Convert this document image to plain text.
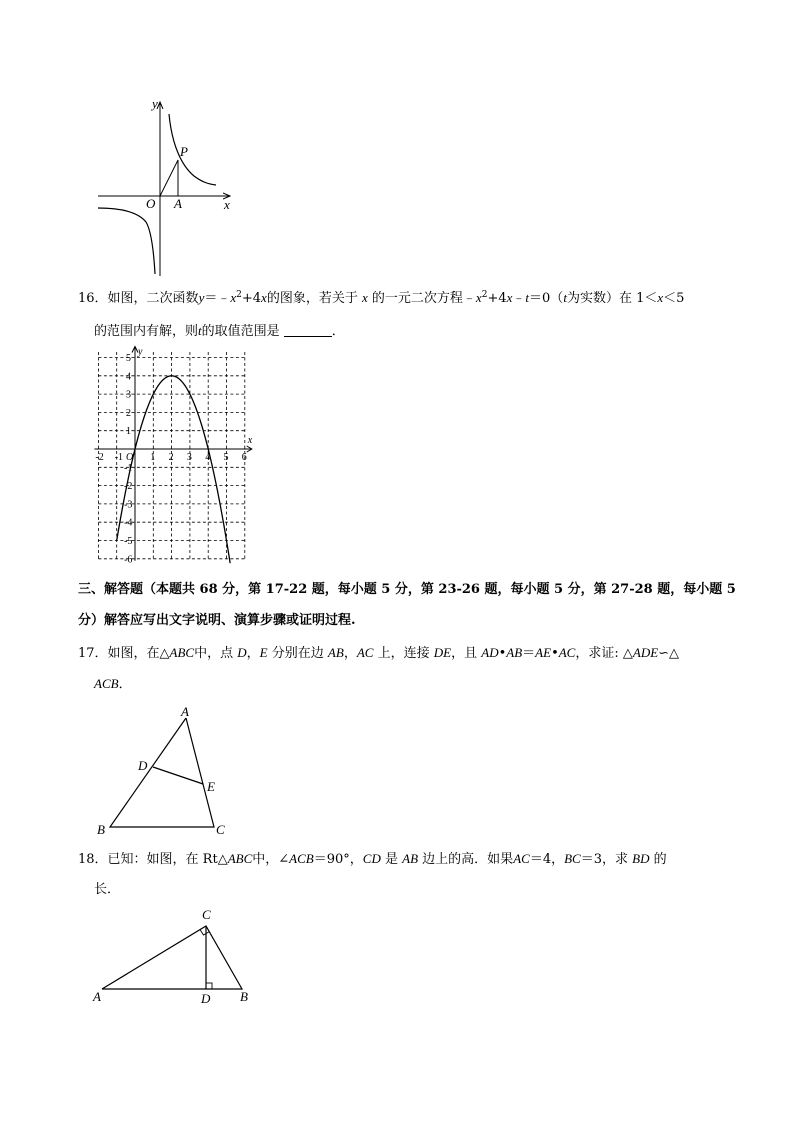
y
x
O A
P
16．如图，二次函数$y=﹣x^2+4x$的图象，若关于 x 的一元二次方程$﹣x^2+4x﹣t=0(t$为实数）在 1＜x＜5
的范围内有解，则t的取值范围是	．
x
y
-2 -1 O 1 2 3 4 5 6
5
4
3
2
1
-1
-2
-3
-4
-5
-6
三、解答题（本题共 68 分，第 17-22 题，每小题 5 分，第 23-26 题，每小题 5 分，第 27-28 题，每小题 5
分）解答应写出文字说明、演算步骤或证明过程.
17．如图，在△ABC中，点 D，E 分别在边 AB，AC 上，连接 DE，且 AD•AB＝AE•AC，求证: △ADE∽△
ACB．
A
B	C
D
E
18．已知：如图，在 Rt△ABC中，∠ACB＝90°，CD 是 AB 边上的高．如果AC＝4，BC＝3，求 BD 的
长．
C
A	D B
